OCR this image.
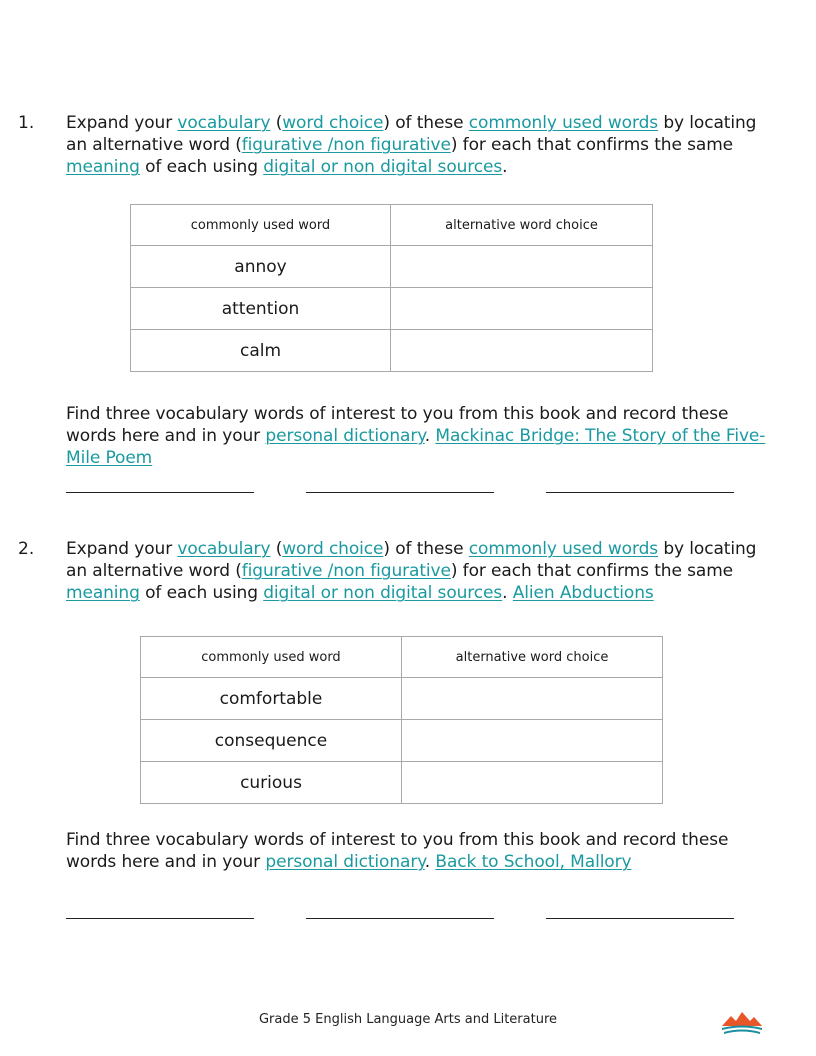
1. Expand your vocabulary (word choice) of these commonly used words by locating an alternative word (figurative /non figurative) for each that confirms the same meaning of each using digital or non digital sources.
commonly used word	alternative word choice
annoy	
attention	
calm	
Find three vocabulary words of interest to you from this book and record these words here and in your personal dictionary. Mackinac Bridge: The Story of the Five-Mile Poem
2. Expand your vocabulary (word choice) of these commonly used words by locating an alternative word (figurative /non figurative) for each that confirms the same meaning of each using digital or non digital sources. Alien Abductions
commonly used word	alternative word choice
comfortable	
consequence	
curious	
Find three vocabulary words of interest to you from this book and record these words here and in your personal dictionary. Back to School, Mallory
Grade 5 English Language Arts and Literature
